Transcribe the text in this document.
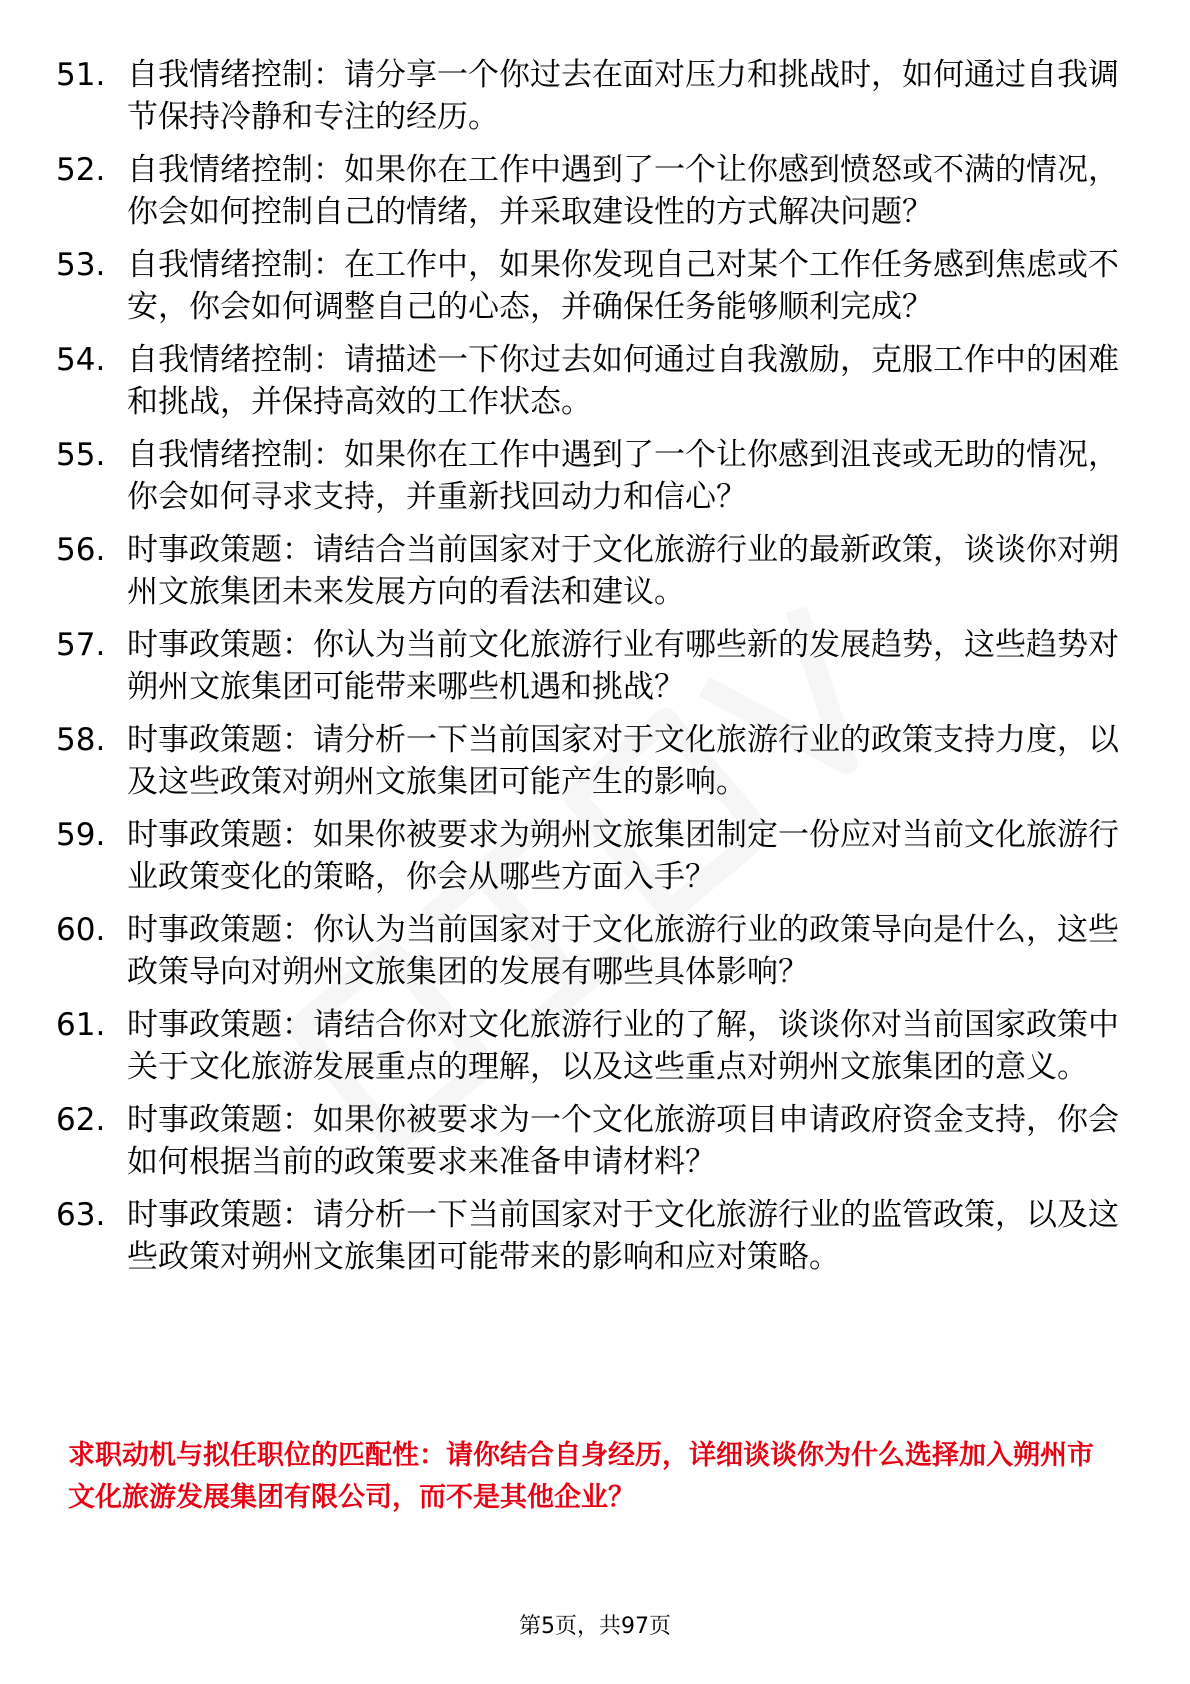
51. 自我情绪控制：请分享一个你过去在面对压力和挑战时，如何通过自我调节保持冷静和专注的经历。
52. 自我情绪控制：如果你在工作中遇到了一个让你感到愤怒或不满的情况，你会如何控制自己的情绪，并采取建设性的方式解决问题？
53. 自我情绪控制：在工作中，如果你发现自己对某个工作任务感到焦虑或不安，你会如何调整自己的心态，并确保任务能够顺利完成？
54. 自我情绪控制：请描述一下你过去如何通过自我激励，克服工作中的困难和挑战，并保持高效的工作状态。
55. 自我情绪控制：如果你在工作中遇到了一个让你感到沮丧或无助的情况，你会如何寻求支持，并重新找回动力和信心？
56. 时事政策题：请结合当前国家对于文化旅游行业的最新政策，谈谈你对朔州文旅集团未来发展方向的看法和建议。
57. 时事政策题：你认为当前文化旅游行业有哪些新的发展趋势，这些趋势对朔州文旅集团可能带来哪些机遇和挑战？
58. 时事政策题：请分析一下当前国家对于文化旅游行业的政策支持力度，以及这些政策对朔州文旅集团可能产生的影响。
59. 时事政策题：如果你被要求为朔州文旅集团制定一份应对当前文化旅游行业政策变化的策略，你会从哪些方面入手？
60. 时事政策题：你认为当前国家对于文化旅游行业的政策导向是什么，这些政策导向对朔州文旅集团的发展有哪些具体影响？
61. 时事政策题：请结合你对文化旅游行业的了解，谈谈你对当前国家政策中关于文化旅游发展重点的理解，以及这些重点对朔州文旅集团的意义。
62. 时事政策题：如果你被要求为一个文化旅游项目申请政府资金支持，你会如何根据当前的政策要求来准备申请材料？
63. 时事政策题：请分析一下当前国家对于文化旅游行业的监管政策，以及这些政策对朔州文旅集团可能带来的影响和应对策略。
求职动机与拟任职位的匹配性：请你结合自身经历，详细谈谈你为什么选择加入朔州市文化旅游发展集团有限公司，而不是其他企业？
第5页，共97页
